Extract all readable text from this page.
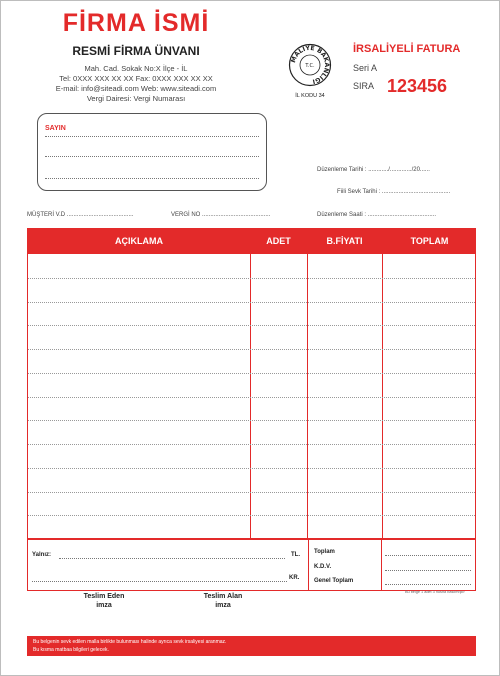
FİRMA İSMİ
RESMİ FİRMA ÜNVANI
Mah. Cad. Sokak No:X İlçe - İL
Tel: 0XXX XXX XX XX Fax: 0XXX XXX XX XX
E-mail: info@siteadi.com Web: www.siteadi.com
Vergi Dairesi: Vergi Numarası
MALİYE BAKANLIĞI
T.C.
İL KODU 34
İRSALİYELİ FATURA
Seri A
SIRA 123456
SAYIN
Düzenleme Tarihi : ............/............./20......
Fiili Sevk Tarihi : .........................................
Düzenleme Saati : .........................................
MÜŞTERİ V.D ........................................	VERGİ NO .........................................
AÇIKLAMA	ADET	B.FİYATI	TOPLAM
Yalnız:	TL.
KR.
Toplam
K.D.V.
Genel Toplam
Bu belge 1 adet 3 nüsha basılmıştır
Teslim Eden
imza
Teslim Alan
imza
Bu belgenin sevk edilen malla birlikte bulunması halinde ayrıca sevk irsaliyesi aranmaz.
Bu kısma matbaa bilgileri gelecek.
